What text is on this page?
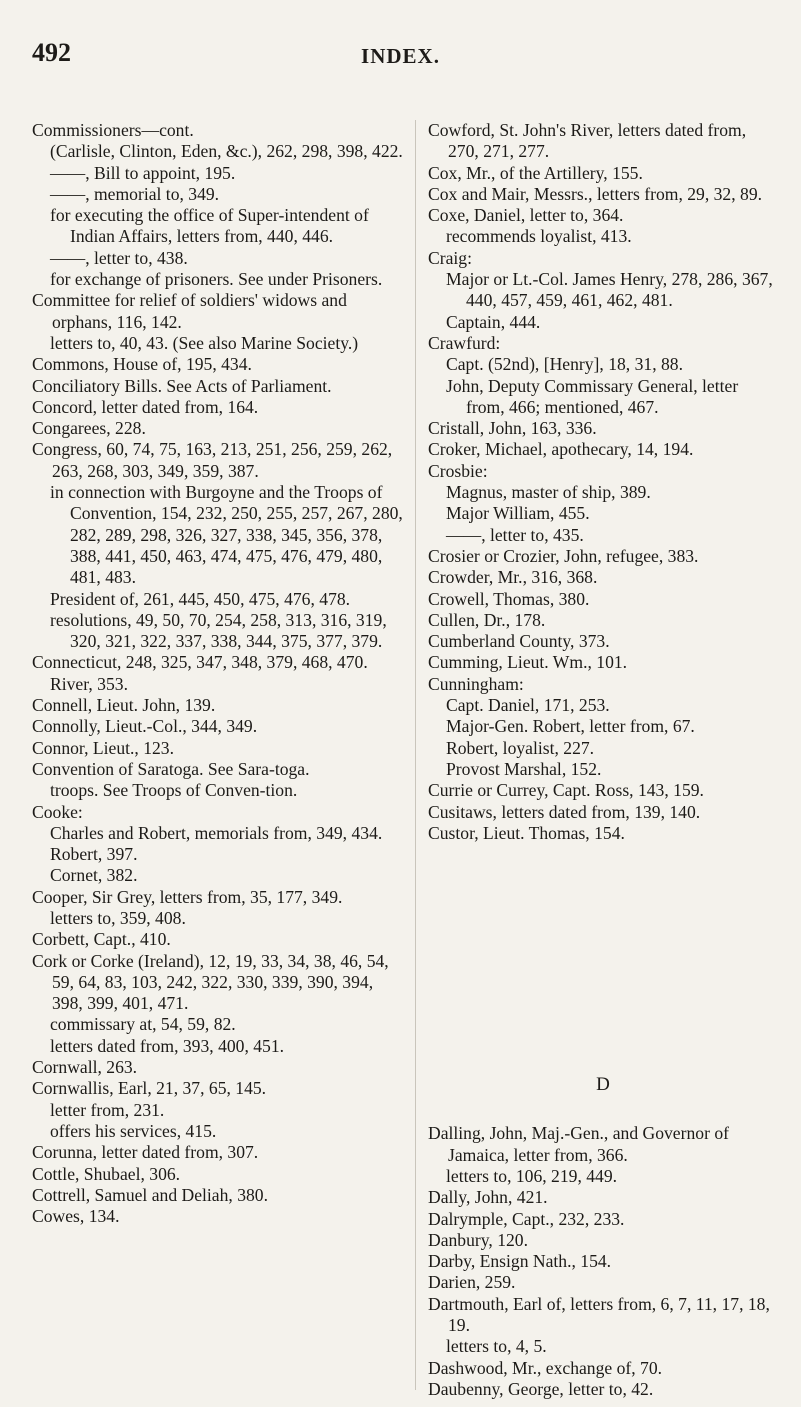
492	INDEX.

Commissioners—cont.

(Carlisle, Clinton, Eden, &c.), 262, 298, 398, 422.

——, Bill to appoint, 195.

——, memorial to, 349.

for executing the office of Super-intendent of Indian Affairs, letters from, 440, 446.

——, letter to, 438.

for exchange of prisoners. See under Prisoners.

Committee for relief of soldiers' widows and orphans, 116, 142.

letters to, 40, 43. (See also Marine Society.)

Commons, House of, 195, 434.

Conciliatory Bills. See Acts of Parliament.

Concord, letter dated from, 164.

Congarees, 228.

Congress, 60, 74, 75, 163, 213, 251, 256, 259, 262, 263, 268, 303, 349, 359, 387.

in connection with Burgoyne and the Troops of Convention, 154, 232, 250, 255, 257, 267, 280, 282, 289, 298, 326, 327, 338, 345, 356, 378, 388, 441, 450, 463, 474, 475, 476, 479, 480, 481, 483.

President of, 261, 445, 450, 475, 476, 478.

resolutions, 49, 50, 70, 254, 258, 313, 316, 319, 320, 321, 322, 337, 338, 344, 375, 377, 379.

Connecticut, 248, 325, 347, 348, 379, 468, 470.

River, 353.

Connell, Lieut. John, 139.

Connolly, Lieut.-Col., 344, 349.

Connor, Lieut., 123.

Convention of Saratoga. See Sara-toga.

troops. See Troops of Conven-tion.

Cooke:

Charles and Robert, memorials from, 349, 434.

Robert, 397.

Cornet, 382.

Cooper, Sir Grey, letters from, 35, 177, 349.

letters to, 359, 408.

Corbett, Capt., 410.

Cork or Corke (Ireland), 12, 19, 33, 34, 38, 46, 54, 59, 64, 83, 103, 242, 322, 330, 339, 390, 394, 398, 399, 401, 471.

commissary at, 54, 59, 82.

letters dated from, 393, 400, 451.

Cornwall, 263.

Cornwallis, Earl, 21, 37, 65, 145.

letter from, 231.

offers his services, 415.

Corunna, letter dated from, 307.

Cottle, Shubael, 306.

Cottrell, Samuel and Deliah, 380.

Cowes, 134.

Cowford, St. John's River, letters dated from, 270, 271, 277.

Cox, Mr., of the Artillery, 155.

Cox and Mair, Messrs., letters from, 29, 32, 89.

Coxe, Daniel, letter to, 364.

recommends loyalist, 413.

Craig:

Major or Lt.-Col. James Henry, 278, 286, 367, 440, 457, 459, 461, 462, 481.

Captain, 444.

Crawfurd:

Capt. (52nd), [Henry], 18, 31, 88.

John, Deputy Commissary General, letter from, 466; mentioned, 467.

Cristall, John, 163, 336.

Croker, Michael, apothecary, 14, 194.

Crosbie:

Magnus, master of ship, 389.

Major William, 455.

——, letter to, 435.

Crosier or Crozier, John, refugee, 383.

Crowder, Mr., 316, 368.

Crowell, Thomas, 380.

Cullen, Dr., 178.

Cumberland County, 373.

Cumming, Lieut. Wm., 101.

Cunningham:

Capt. Daniel, 171, 253.

Major-Gen. Robert, letter from, 67.

Robert, loyalist, 227.

Provost Marshal, 152.

Currie or Currey, Capt. Ross, 143, 159.

Cusitaws, letters dated from, 139, 140.

Custor, Lieut. Thomas, 154.

D

Dalling, John, Maj.-Gen., and Governor of Jamaica, letter from, 366.

letters to, 106, 219, 449.

Dally, John, 421.

Dalrymple, Capt., 232, 233.

Danbury, 120.

Darby, Ensign Nath., 154.

Darien, 259.

Dartmouth, Earl of, letters from, 6, 7, 11, 17, 18, 19.

letters to, 4, 5.

Dashwood, Mr., exchange of, 70.

Daubenny, George, letter to, 42.
